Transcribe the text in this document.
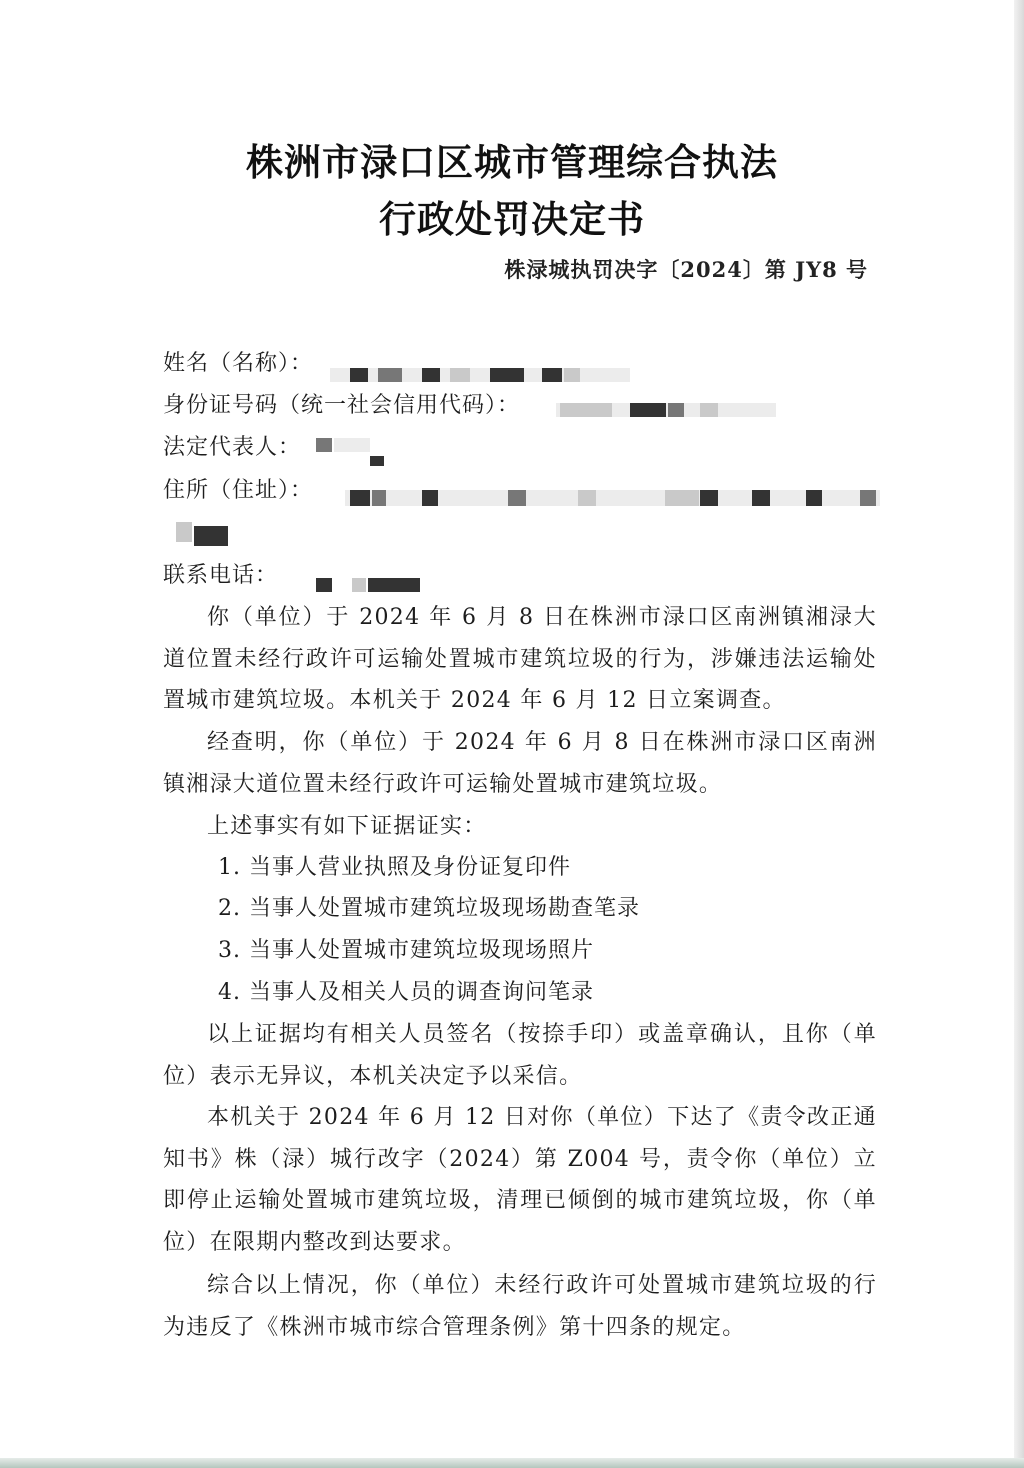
株洲市渌口区城市管理综合执法
行政处罚决定书
株渌城执罚决字〔2024〕第 JY8 号
姓名（名称）：
身份证号码（统一社会信用代码）：
法定代表人：
住所（住址）：
联系电话：
你（单位）于 2024 年 6 月 8 日在株洲市渌口区南洲镇湘渌大道位置未经行政许可运输处置城市建筑垃圾的行为，涉嫌违法运输处置城市建筑垃圾。本机关于 2024 年 6 月 12 日立案调查。
经查明，你（单位）于 2024 年 6 月 8 日在株洲市渌口区南洲镇湘渌大道位置未经行政许可运输处置城市建筑垃圾。
上述事实有如下证据证实：
1. 当事人营业执照及身份证复印件
2. 当事人处置城市建筑垃圾现场勘查笔录
3. 当事人处置城市建筑垃圾现场照片
4. 当事人及相关人员的调查询问笔录
以上证据均有相关人员签名（按捺手印）或盖章确认，且你（单位）表示无异议，本机关决定予以采信。
本机关于 2024 年 6 月 12 日对你（单位）下达了《责令改正通知书》株（渌）城行改字（2024）第 Z004 号，责令你（单位）立即停止运输处置城市建筑垃圾，清理已倾倒的城市建筑垃圾，你（单位）在限期内整改到达要求。
综合以上情况，你（单位）未经行政许可处置城市建筑垃圾的行为违反了《株洲市城市综合管理条例》第十四条的规定。
